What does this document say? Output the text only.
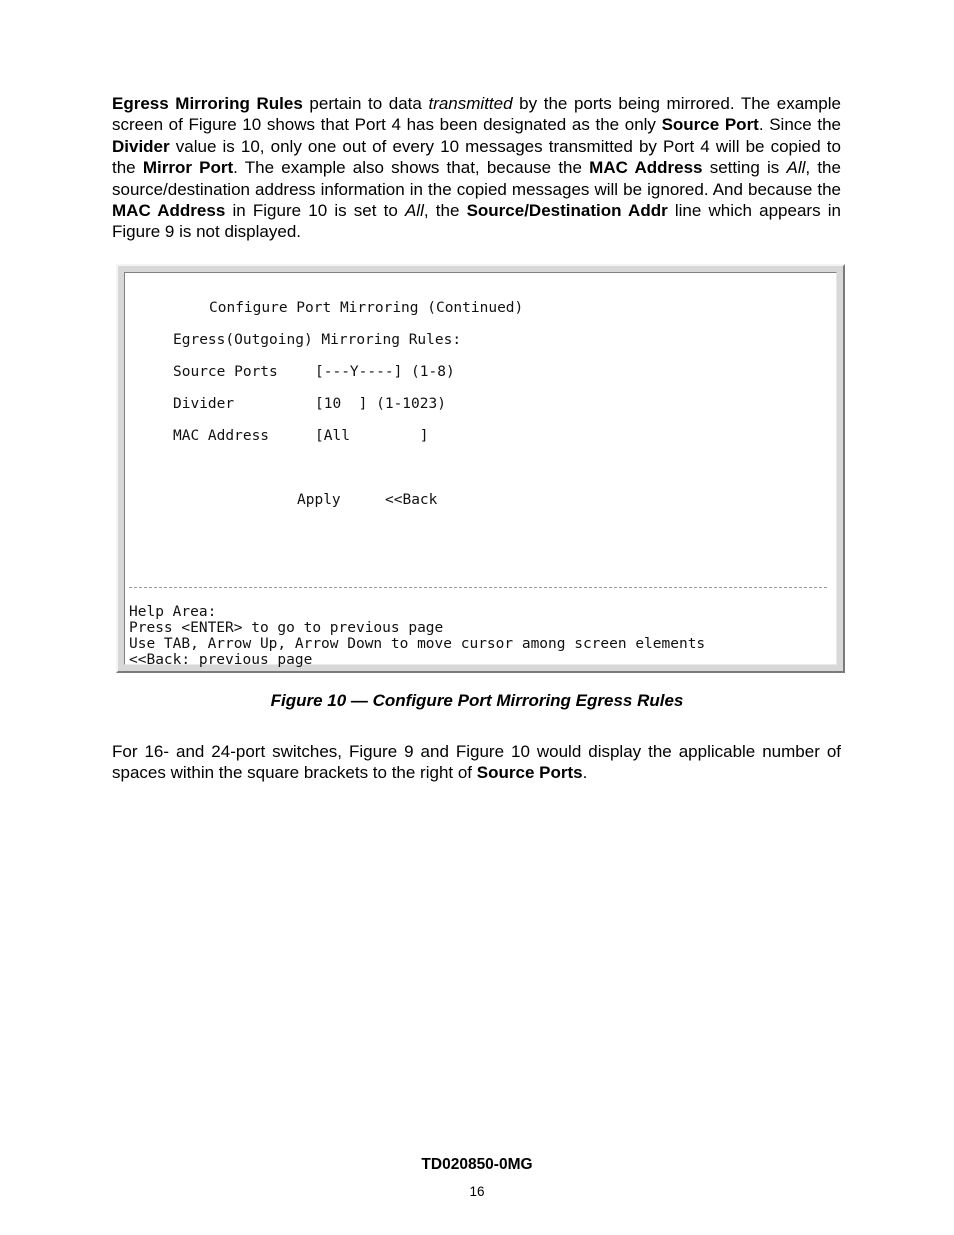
Egress Mirroring Rules pertain to data transmitted by the ports being mirrored. The example screen of Figure 10 shows that Port 4 has been designated as the only Source Port. Since the Divider value is 10, only one out of every 10 messages transmitted by Port 4 will be copied to the Mirror Port. The example also shows that, because the MAC Address setting is All, the source/destination address information in the copied messages will be ignored. And because the MAC Address in Figure 10 is set to All, the Source/Destination Addr line which appears in Figure 9 is not displayed.

Configure Port Mirroring (Continued)
Egress(Outgoing) Mirroring Rules:
Source Ports	[---Y----] (1-8)
Divider	[10  ] (1-1023)
MAC Address	[All        ]
Apply	<<Back
Help Area:
Press <ENTER> to go to previous page
Use TAB, Arrow Up, Arrow Down to move cursor among screen elements
<<Back: previous page
Figure 10 — Configure Port Mirroring Egress Rules

For 16- and 24-port switches, Figure 9 and Figure 10 would display the applicable number of spaces within the square brackets to the right of Source Ports.

TD020850-0MG
16
